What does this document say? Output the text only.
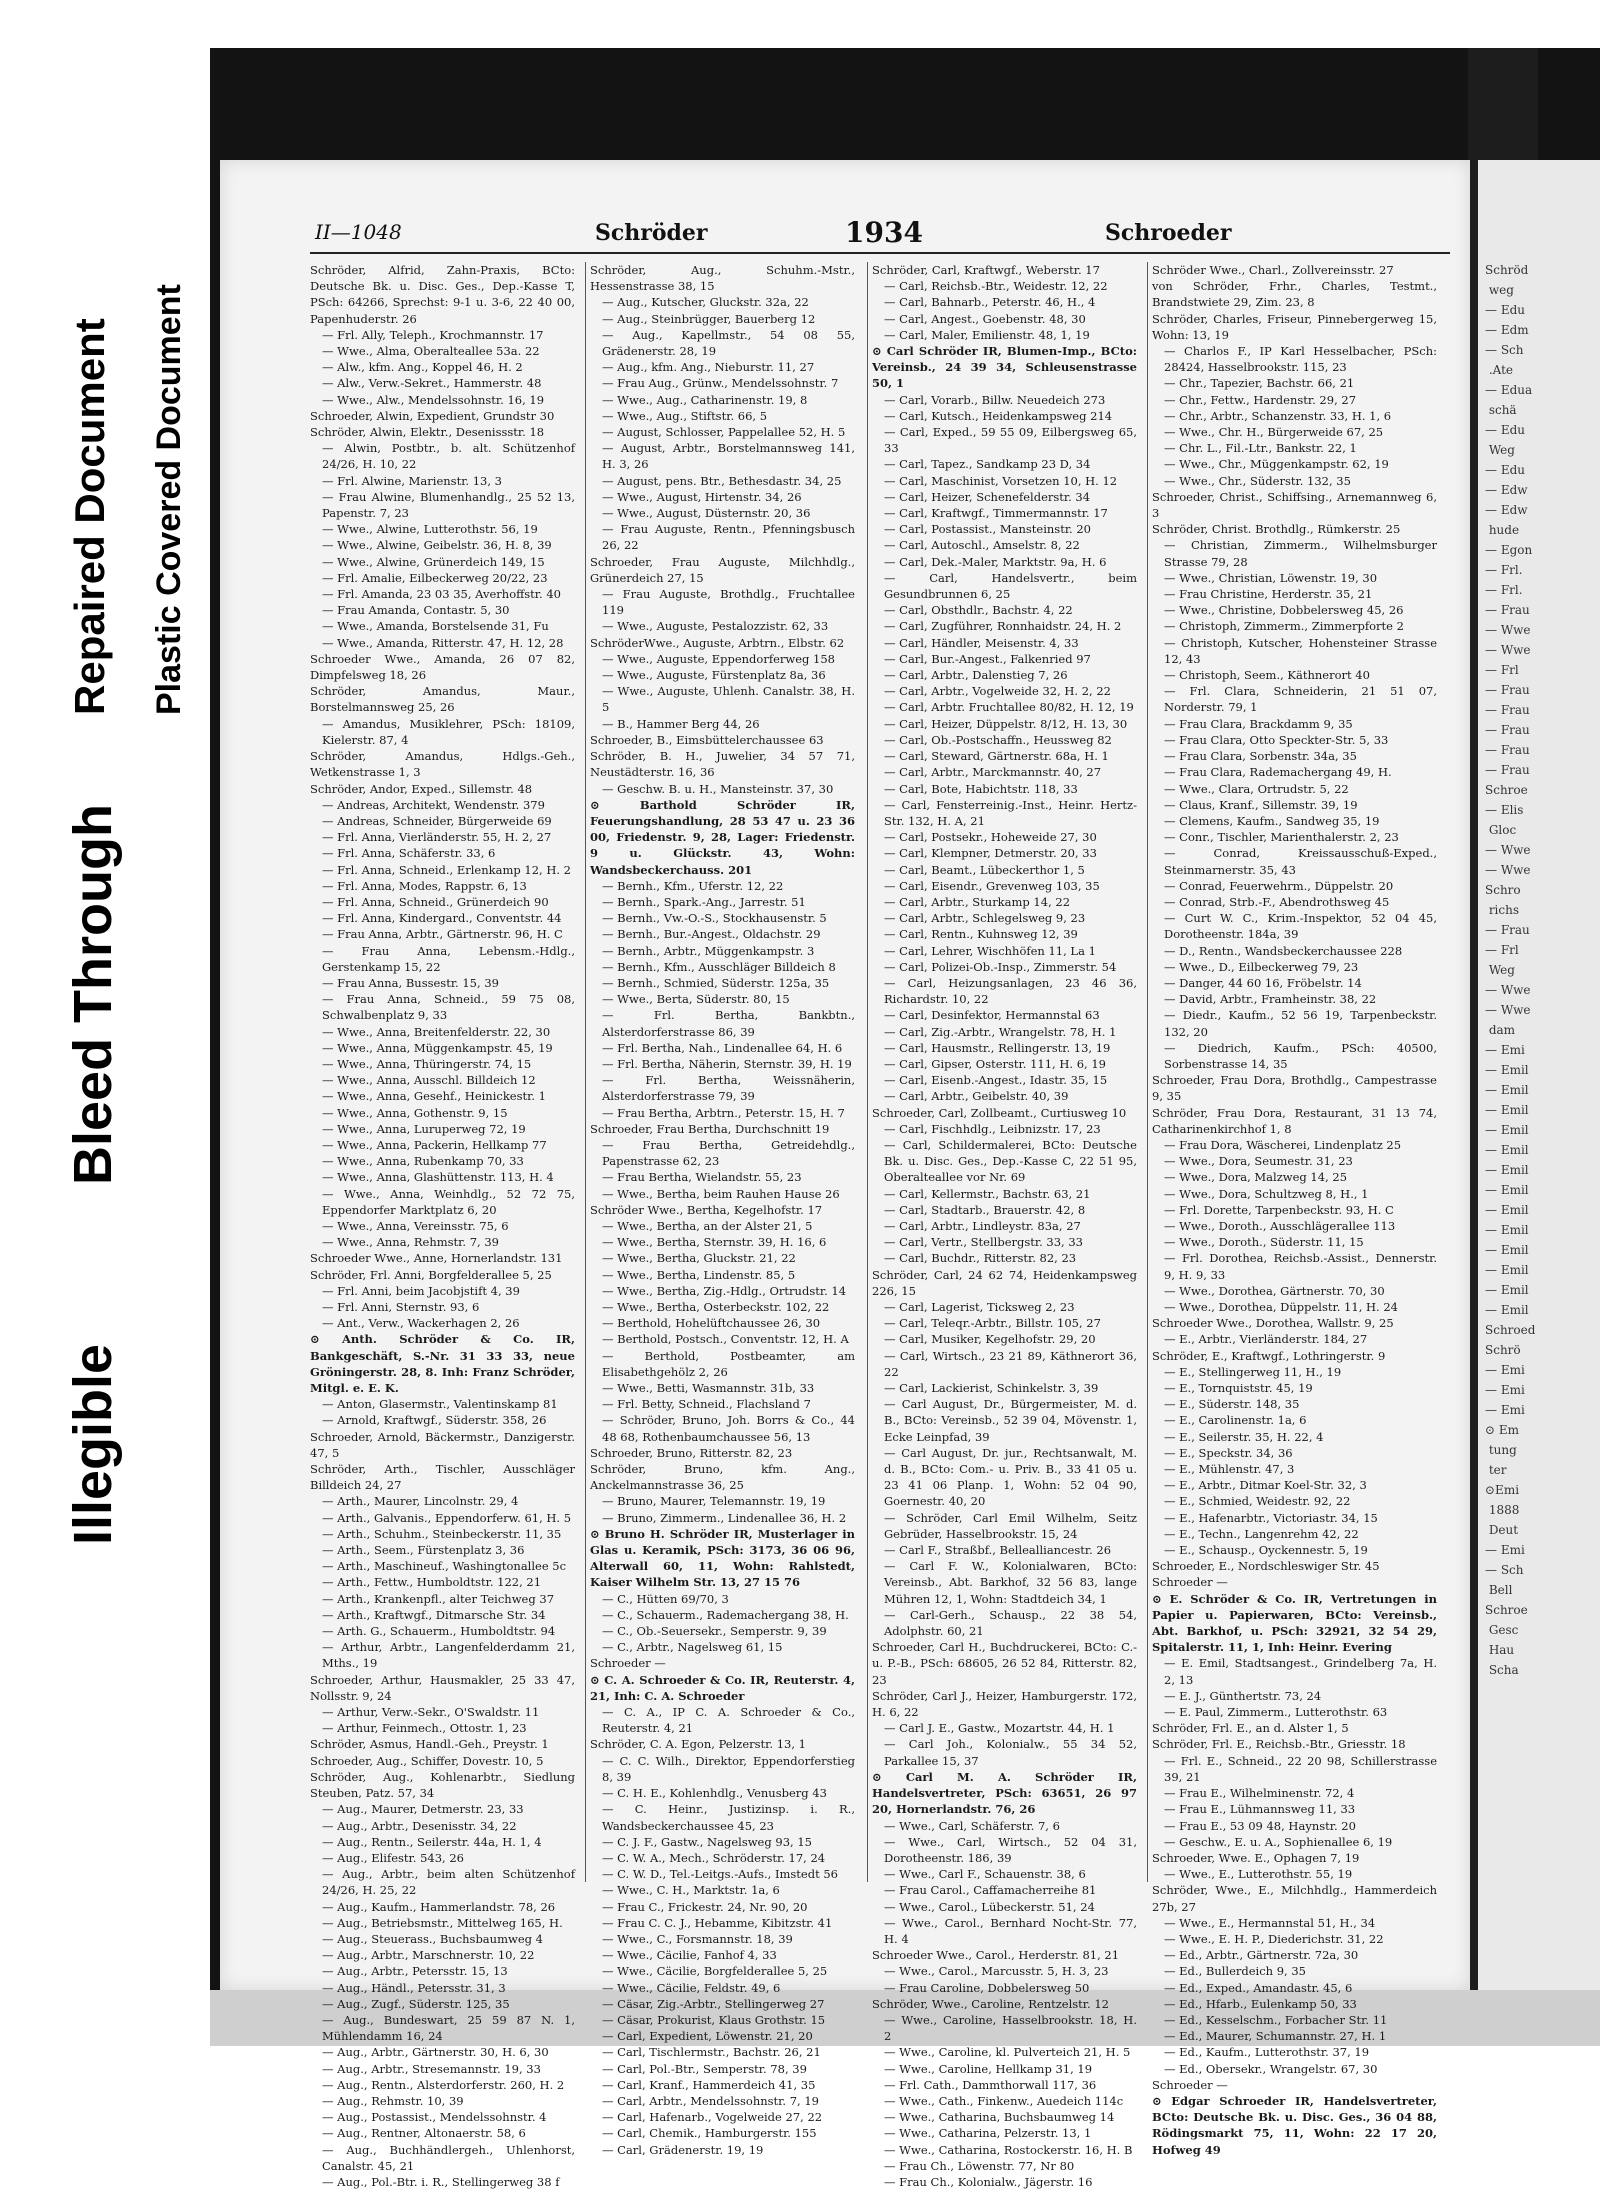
Illegible
Bleed Through
Repaired Document Plastic Covered Document
Schröd
weg
— Edu
— Edm
— Sch
.Ate
— Edua
schä
— Edu
Weg
— Edu
— Edw
— Edw
hude
— Egon
— Frl.
— Frl.
— Frau
— Wwe
— Wwe
— Frl
— Frau
— Frau
— Frau
— Frau
— Frau
Schroe
— Elis
Gloc
— Wwe
— Wwe
Schro
richs
— Frau
— Frl
Weg
— Wwe
— Wwe
dam
— Emi
— Emil
— Emil
— Emil
— Emil
— Emil
— Emil
— Emil
— Emil
— Emil
— Emil
— Emil
— Emil
— Emil
Schroed
Schrö
— Emi
— Emi
— Emi
⊙ Em
tung
ter
⊙Emi
1888
Deut
— Emi
— Sch
Bell
Schroe
Gesc
Hau
Scha
II—1048	Schröder	1934	Schroeder

Schröder, Alfrid, Zahn-Praxis, BCto: Deutsche Bk. u. Disc. Ges., Dep.-Kasse T, PSch: 64266, Sprechst: 9-1 u. 3-6, 22 40 00, Papenhuderstr. 26

— Frl. Ally, Teleph., Krochmannstr. 17

— Wwe., Alma, Oberalteallee 53a. 22

— Alw., kfm. Ang., Koppel 46, H. 2

— Alw., Verw.-Sekret., Hammerstr. 48

— Wwe., Alw., Mendelssohnstr. 16, 19

Schroeder, Alwin, Expedient, Grundstr 30

Schröder, Alwin, Elektr., Desenissstr. 18

— Alwin, Postbtr., b. alt. Schützenhof 24/26, H. 10, 22

— Frl. Alwine, Marienstr. 13, 3

— Frau Alwine, Blumenhandlg., 25 52 13, Papenstr. 7, 23

— Wwe., Alwine, Lutterothstr. 56, 19

— Wwe., Alwine, Geibelstr. 36, H. 8, 39

— Wwe., Alwine, Grünerdeich 149, 15

— Frl. Amalie, Eilbeckerweg 20/22, 23

— Frl. Amanda, 23 03 35, Averhoffstr. 40

— Frau Amanda, Contastr. 5, 30

— Wwe., Amanda, Borstelsende 31, Fu

— Wwe., Amanda, Ritterstr. 47, H. 12, 28

Schroeder Wwe., Amanda, 26 07 82, Dimpfelsweg 18, 26

Schröder, Amandus, Maur., Borstelmannsweg 25, 26

— Amandus, Musiklehrer, PSch: 18109, Kielerstr. 87, 4

Schröder, Amandus, Hdlgs.-Geh., Wetkenstrasse 1, 3

Schröder, Andor, Exped., Sillemstr. 48

— Andreas, Architekt, Wendenstr. 379

— Andreas, Schneider, Bürgerweide 69

— Frl. Anna, Vierländerstr. 55, H. 2, 27

— Frl. Anna, Schäferstr. 33, 6

— Frl. Anna, Schneid., Erlenkamp 12, H. 2

— Frl. Anna, Modes, Rappstr. 6, 13

— Frl. Anna, Schneid., Grünerdeich 90

— Frl. Anna, Kindergard., Conventstr. 44

— Frau Anna, Arbtr., Gärtnerstr. 96, H. C

— Frau Anna, Lebensm.-Hdlg., Gerstenkamp 15, 22

— Frau Anna, Bussestr. 15, 39

— Frau Anna, Schneid., 59 75 08, Schwalbenplatz 9, 33

— Wwe., Anna, Breitenfelderstr. 22, 30

— Wwe., Anna, Müggenkampstr. 45, 19

— Wwe., Anna, Thüringerstr. 74, 15

— Wwe., Anna, Ausschl. Billdeich 12

— Wwe., Anna, Gesehf., Heinickestr. 1

— Wwe., Anna, Gothenstr. 9, 15

— Wwe., Anna, Luruperweg 72, 19

— Wwe., Anna, Packerin, Hellkamp 77

— Wwe., Anna, Rubenkamp 70, 33

— Wwe., Anna, Glashüttenstr. 113, H. 4

— Wwe., Anna, Weinhdlg., 52 72 75, Eppendorfer Marktplatz 6, 20

— Wwe., Anna, Vereinsstr. 75, 6

— Wwe., Anna, Rehmstr. 7, 39

Schroeder Wwe., Anne, Hornerlandstr. 131

Schröder, Frl. Anni, Borgfelderallee 5, 25

— Frl. Anni, beim Jacobjstift 4, 39

— Frl. Anni, Sternstr. 93, 6

— Ant., Verw., Wackerhagen 2, 26

⊙ Anth. Schröder & Co. IR, Bankgeschäft, S.-Nr. 31 33 33, neue Gröningerstr. 28, 8. Inh: Franz Schröder, Mitgl. e. E. K.

— Anton, Glasermstr., Valentinskamp 81

— Arnold, Kraftwgf., Süderstr. 358, 26

Schroeder, Arnold, Bäckermstr., Danzigerstr. 47, 5

Schröder, Arth., Tischler, Ausschläger Billdeich 24, 27

— Arth., Maurer, Lincolnstr. 29, 4

— Arth., Galvanis., Eppendorferw. 61, H. 5

— Arth., Schuhm., Steinbeckerstr. 11, 35

— Arth., Seem., Fürstenplatz 3, 36

— Arth., Maschineuf., Washingtonallee 5c

— Arth., Fettw., Humboldtstr. 122, 21

— Arth., Krankenpfl., alter Teichweg 37

— Arth., Kraftwgf., Ditmarsche Str. 34

— Arth. G., Schauerm., Humboldtstr. 94

— Arthur, Arbtr., Langenfelderdamm 21, Mths., 19

Schroeder, Arthur, Hausmakler, 25 33 47, Nollsstr. 9, 24

— Arthur, Verw.-Sekr., O'Swaldstr. 11

— Arthur, Feinmech., Ottostr. 1, 23

Schröder, Asmus, Handl.-Geh., Preystr. 1

Schroeder, Aug., Schiffer, Dovestr. 10, 5

Schröder, Aug., Kohlenarbtr., Siedlung Steuben, Patz. 57, 34

— Aug., Maurer, Detmerstr. 23, 33

— Aug., Arbtr., Desenisstr. 34, 22

— Aug., Rentn., Seilerstr. 44a, H. 1, 4

— Aug., Elifestr. 543, 26

— Aug., Arbtr., beim alten Schützenhof 24/26, H. 25, 22

— Aug., Kaufm., Hammerlandstr. 78, 26

— Aug., Betriebsmstr., Mittelweg 165, H.

— Aug., Steuerass., Buchsbaumweg 4

— Aug., Arbtr., Marschnerstr. 10, 22

— Aug., Arbtr., Petersstr. 15, 13

— Aug., Händl., Petersstr. 31, 3

— Aug., Zugf., Süderstr. 125, 35

— Aug., Bundeswart, 25 59 87 N. 1, Mühlendamm 16, 24

— Aug., Arbtr., Gärtnerstr. 30, H. 6, 30

— Aug., Arbtr., Stresemannstr. 19, 33

— Aug., Rentn., Alsterdorferstr. 260, H. 2

— Aug., Rehmstr. 10, 39

— Aug., Postassist., Mendelssohnstr. 4

— Aug., Rentner, Altonaerstr. 58, 6

— Aug., Buchhändlergeh., Uhlenhorst, Canalstr. 45, 21

— Aug., Pol.-Btr. i. R., Stellingerweg 38 f

Schröder, Aug., Schuhm.-Mstr., Hessenstrasse 38, 15

— Aug., Kutscher, Gluckstr. 32a, 22

— Aug., Steinbrügger, Bauerberg 12

— Aug., Kapellmstr., 54 08 55, Grädenerstr. 28, 19

— Aug., kfm. Ang., Nieburstr. 11, 27

— Frau Aug., Grünw., Mendelssohnstr. 7

— Wwe., Aug., Catharinenstr. 19, 8

— Wwe., Aug., Stiftstr. 66, 5

— August, Schlosser, Pappelallee 52, H. 5

— August, Arbtr., Borstelmannsweg 141, H. 3, 26

— August, pens. Btr., Bethesdastr. 34, 25

— Wwe., August, Hirtenstr. 34, 26

— Wwe., August, Düsternstr. 20, 36

— Frau Auguste, Rentn., Pfenningsbusch 26, 22

Schroeder, Frau Auguste, Milchhdlg., Grünerdeich 27, 15

— Frau Auguste, Brothdlg., Fruchtallee 119

— Wwe., Auguste, Pestalozzistr. 62, 33

SchröderWwe., Auguste, Arbtrn., Elbstr. 62

— Wwe., Auguste, Eppendorferweg 158

— Wwe., Auguste, Fürstenplatz 8a, 36

— Wwe., Auguste, Uhlenh. Canalstr. 38, H. 5

— B., Hammer Berg 44, 26

Schroeder, B., Eimsbüttelerchaussee 63

Schröder, B. H., Juwelier, 34 57 71, Neustädterstr. 16, 36

— Geschw. B. u. H., Mansteinstr. 37, 30

⊙ Barthold Schröder IR, Feuerungshandlung, 28 53 47 u. 23 36 00, Friedenstr. 9, 28, Lager: Friedenstr. 9 u. Glückstr. 43, Wohn: Wandsbeckerchauss. 201

— Bernh., Kfm., Uferstr. 12, 22

— Bernh., Spark.-Ang., Jarrestr. 51

— Bernh., Vw.-O.-S., Stockhausenstr. 5

— Bernh., Bur.-Angest., Oldachstr. 29

— Bernh., Arbtr., Müggenkampstr. 3

— Bernh., Kfm., Ausschläger Billdeich 8

— Bernh., Schmied, Süderstr. 125a, 35

— Wwe., Berta, Süderstr. 80, 15

— Frl. Bertha, Bankbtn., Alsterdorferstrasse 86, 39

— Frl. Bertha, Nah., Lindenallee 64, H. 6

— Frl. Bertha, Näherin, Sternstr. 39, H. 19

— Frl. Bertha, Weissnäherin, Alsterdorferstrasse 79, 39

— Frau Bertha, Arbtrn., Peterstr. 15, H. 7

Schroeder, Frau Bertha, Durchschnitt 19

— Frau Bertha, Getreidehdlg., Papenstrasse 62, 23

— Frau Bertha, Wielandstr. 55, 23

— Wwe., Bertha, beim Rauhen Hause 26

Schröder Wwe., Bertha, Kegelhofstr. 17

— Wwe., Bertha, an der Alster 21, 5

— Wwe., Bertha, Sternstr. 39, H. 16, 6

— Wwe., Bertha, Gluckstr. 21, 22

— Wwe., Bertha, Lindenstr. 85, 5

— Wwe., Bertha, Zig.-Hdlg., Ortrudstr. 14

— Wwe., Bertha, Osterbeckstr. 102, 22

— Berthold, Hohelüftchaussee 26, 30

— Berthold, Postsch., Conventstr. 12, H. A

— Berthold, Postbeamter, am Elisabethgehölz 2, 26

— Wwe., Betti, Wasmannstr. 31b, 33

— Frl. Betty, Schneid., Flachsland 7

— Schröder, Bruno, Joh. Borrs & Co., 44 48 68, Rothenbaumchaussee 56, 13

Schroeder, Bruno, Ritterstr. 82, 23

Schröder, Bruno, kfm. Ang., Anckelmannstrasse 36, 25

— Bruno, Maurer, Telemannstr. 19, 19

— Bruno, Zimmerm., Lindenallee 36, H. 2

⊙ Bruno H. Schröder IR, Musterlager in Glas u. Keramik, PSch: 3173, 36 06 96, Alterwall 60, 11, Wohn: Rahlstedt, Kaiser Wilhelm Str. 13, 27 15 76

— C., Hütten 69/70, 3

— C., Schauerm., Rademachergang 38, H.

— C., Ob.-Seuersekr., Semperstr. 9, 39

— C., Arbtr., Nagelsweg 61, 15

Schroeder —

⊙ C. A. Schroeder & Co. IR, Reuterstr. 4, 21, Inh: C. A. Schroeder

— C. A., IP C. A. Schroeder & Co., Reuterstr. 4, 21

Schröder, C. A. Egon, Pelzerstr. 13, 1

— C. C. Wilh., Direktor, Eppendorferstieg 8, 39

— C. H. E., Kohlenhdlg., Venusberg 43

— C. Heinr., Justizinsp. i. R., Wandsbeckerchaussee 45, 23

— C. J. F., Gastw., Nagelsweg 93, 15

— C. W. A., Mech., Schröderstr. 17, 24

— C. W. D., Tel.-Leitgs.-Aufs., Imstedt 56

— Wwe., C. H., Marktstr. 1a, 6

— Frau C., Frickestr. 24, Nr. 90, 20

— Frau C. C. J., Hebamme, Kibitzstr. 41

— Wwe., C., Forsmannstr. 18, 39

— Wwe., Cäcilie, Fanhof 4, 33

— Wwe., Cäcilie, Borgfelderallee 5, 25

— Wwe., Cäcilie, Feldstr. 49, 6

— Cäsar, Zig.-Arbtr., Stellingerweg 27

— Cäsar, Prokurist, Klaus Grothstr. 15

— Carl, Expedient, Löwenstr. 21, 20

— Carl, Tischlermstr., Bachstr. 26, 21

— Carl, Pol.-Btr., Semperstr. 78, 39

— Carl, Kranf., Hammerdeich 41, 35

— Carl, Arbtr., Mendelssohnstr. 7, 19

— Carl, Hafenarb., Vogelweide 27, 22

— Carl, Chemik., Hamburgerstr. 155

— Carl, Grädenerstr. 19, 19

Schröder, Carl, Kraftwgf., Weberstr. 17

— Carl, Reichsb.-Btr., Weidestr. 12, 22

— Carl, Bahnarb., Peterstr. 46, H., 4

— Carl, Angest., Goebenstr. 48, 30

— Carl, Maler, Emilienstr. 48, 1, 19

⊙ Carl Schröder IR, Blumen-Imp., BCto: Vereinsb., 24 39 34, Schleusenstrasse 50, 1

— Carl, Vorarb., Billw. Neuedeich 273

— Carl, Kutsch., Heidenkampsweg 214

— Carl, Exped., 59 55 09, Eilbergsweg 65, 33

— Carl, Tapez., Sandkamp 23 D, 34

— Carl, Maschinist, Vorsetzen 10, H. 12

— Carl, Heizer, Schenefelderstr. 34

— Carl, Kraftwgf., Timmermannstr. 17

— Carl, Postassist., Mansteinstr. 20

— Carl, Autoschl., Amselstr. 8, 22

— Carl, Dek.-Maler, Marktstr. 9a, H. 6

— Carl, Handelsvertr., beim Gesundbrunnen 6, 25

— Carl, Obsthdlr., Bachstr. 4, 22

— Carl, Zugführer, Ronnhaidstr. 24, H. 2

— Carl, Händler, Meisenstr. 4, 33

— Carl, Bur.-Angest., Falkenried 97

— Carl, Arbtr., Dalenstieg 7, 26

— Carl, Arbtr., Vogelweide 32, H. 2, 22

— Carl, Arbtr. Fruchtallee 80/82, H. 12, 19

— Carl, Heizer, Düppelstr. 8/12, H. 13, 30

— Carl, Ob.-Postschaffn., Heussweg 82

— Carl, Steward, Gärtnerstr. 68a, H. 1

— Carl, Arbtr., Marckmannstr. 40, 27

— Carl, Bote, Habichtstr. 118, 33

— Carl, Fensterreinig.-Inst., Heinr. Hertz-Str. 132, H. A, 21

— Carl, Postsekr., Hoheweide 27, 30

— Carl, Klempner, Detmerstr. 20, 33

— Carl, Beamt., Lübeckerthor 1, 5

— Carl, Eisendr., Grevenweg 103, 35

— Carl, Arbtr., Sturkamp 14, 22

— Carl, Arbtr., Schlegelsweg 9, 23

— Carl, Rentn., Kuhnsweg 12, 39

— Carl, Lehrer, Wischhöfen 11, La 1

— Carl, Polizei-Ob.-Insp., Zimmerstr. 54

— Carl, Heizungsanlagen, 23 46 36, Richardstr. 10, 22

— Carl, Desinfektor, Hermannstal 63

— Carl, Zig.-Arbtr., Wrangelstr. 78, H. 1

— Carl, Hausmstr., Rellingerstr. 13, 19

— Carl, Gipser, Osterstr. 111, H. 6, 19

— Carl, Eisenb.-Angest., Idastr. 35, 15

— Carl, Arbtr., Geibelstr. 40, 39

Schroeder, Carl, Zollbeamt., Curtiusweg 10

— Carl, Fischhdlg., Leibnizstr. 17, 23

— Carl, Schildermalerei, BCto: Deutsche Bk. u. Disc. Ges., Dep.-Kasse C, 22 51 95, Oberalteallee vor Nr. 69

— Carl, Kellermstr., Bachstr. 63, 21

— Carl, Stadtarb., Brauerstr. 42, 8

— Carl, Arbtr., Lindleystr. 83a, 27

— Carl, Vertr., Stellbergstr. 33, 33

— Carl, Buchdr., Ritterstr. 82, 23

Schröder, Carl, 24 62 74, Heidenkampsweg 226, 15

— Carl, Lagerist, Ticksweg 2, 23

— Carl, Teleqr.-Arbtr., Billstr. 105, 27

— Carl, Musiker, Kegelhofstr. 29, 20

— Carl, Wirtsch., 23 21 89, Käthnerort 36, 22

— Carl, Lackierist, Schinkelstr. 3, 39

— Carl August, Dr., Bürgermeister, M. d. B., BCto: Vereinsb., 52 39 04, Mövenstr. 1, Ecke Leinpfad, 39

— Carl August, Dr. jur., Rechtsanwalt, M. d. B., BCto: Com.- u. Priv. B., 33 41 05 u. 23 41 06 Planp. 1, Wohn: 52 04 90, Goernestr. 40, 20

— Schröder, Carl Emil Wilhelm, Seitz Gebrüder, Hasselbrookstr. 15, 24

— Carl F., Straßbf., Bellealliancestr. 26

— Carl F. W., Kolonialwaren, BCto: Vereinsb., Abt. Barkhof, 32 56 83, lange Mühren 12, 1, Wohn: Stadtdeich 34, 1

— Carl-Gerh., Schausp., 22 38 54, Adolphstr. 60, 21

Schroeder, Carl H., Buchdruckerei, BCto: C.-u. P.-B., PSch: 68605, 26 52 84, Ritterstr. 82, 23

Schröder, Carl J., Heizer, Hamburgerstr. 172, H. 6, 22

— Carl J. E., Gastw., Mozartstr. 44, H. 1

— Carl Joh., Kolonialw., 55 34 52, Parkallee 15, 37

⊙ Carl M. A. Schröder IR, Handelsvertreter, PSch: 63651, 26 97 20, Hornerlandstr. 76, 26

— Wwe., Carl, Schäferstr. 7, 6

— Wwe., Carl, Wirtsch., 52 04 31, Dorotheenstr. 186, 39

— Wwe., Carl F., Schauenstr. 38, 6

— Frau Carol., Caffamacherreihe 81

— Wwe., Carol., Lübeckerstr. 51, 24

— Wwe., Carol., Bernhard Nocht-Str. 77, H. 4

Schroeder Wwe., Carol., Herderstr. 81, 21

— Wwe., Carol., Marcusstr. 5, H. 3, 23

— Frau Caroline, Dobbelersweg 50

Schröder, Wwe., Caroline, Rentzelstr. 12

— Wwe., Caroline, Hasselbrookstr. 18, H. 2

— Wwe., Caroline, kl. Pulverteich 21, H. 5

— Wwe., Caroline, Hellkamp 31, 19

— Frl. Cath., Dammthorwall 117, 36

— Wwe., Cath., Finkenw., Auedeich 114c

— Wwe., Catharina, Buchsbaumweg 14

— Wwe., Catharina, Pelzerstr. 13, 1

— Wwe., Catharina, Rostockerstr. 16, H. B

— Frau Ch., Löwenstr. 77, Nr 80

— Frau Ch., Kolonialw., Jägerstr. 16

Schröder Wwe., Charl., Zollvereinsstr. 27

von Schröder, Frhr., Charles, Testmt., Brandstwiete 29, Zim. 23, 8

Schröder, Charles, Friseur, Pinnebergerweg 15, Wohn: 13, 19

— Charlos F., IP Karl Hesselbacher, PSch: 28424, Hasselbrookstr. 115, 23

— Chr., Tapezier, Bachstr. 66, 21

— Chr., Fettw., Hardenstr. 29, 27

— Chr., Arbtr., Schanzenstr. 33, H. 1, 6

— Wwe., Chr. H., Bürgerweide 67, 25

— Chr. L., Fil.-Ltr., Bankstr. 22, 1

— Wwe., Chr., Müggenkampstr. 62, 19

— Wwe., Chr., Süderstr. 132, 35

Schroeder, Christ., Schiffsing., Arnemannweg 6, 3

Schröder, Christ. Brothdlg., Rümkerstr. 25

— Christian, Zimmerm., Wilhelmsburger Strasse 79, 28

— Wwe., Christian, Löwenstr. 19, 30

— Frau Christine, Herderstr. 35, 21

— Wwe., Christine, Dobbelersweg 45, 26

— Christoph, Zimmerm., Zimmerpforte 2

— Christoph, Kutscher, Hohensteiner Strasse 12, 43

— Christoph, Seem., Käthnerort 40

— Frl. Clara, Schneiderin, 21 51 07, Norderstr. 79, 1

— Frau Clara, Brackdamm 9, 35

— Frau Clara, Otto Speckter-Str. 5, 33

— Frau Clara, Sorbenstr. 34a, 35

— Frau Clara, Rademachergang 49, H.

— Wwe., Clara, Ortrudstr. 5, 22

— Claus, Kranf., Sillemstr. 39, 19

— Clemens, Kaufm., Sandweg 35, 19

— Conr., Tischler, Marienthalerstr. 2, 23

— Conrad, Kreissausschuß-Exped., Steinmarnerstr. 35, 43

— Conrad, Feuerwehrm., Düppelstr. 20

— Conrad, Strb.-F., Abendrothsweg 45

— Curt W. C., Krim.-Inspektor, 52 04 45, Dorotheenstr. 184a, 39

— D., Rentn., Wandsbeckerchaussee 228

— Wwe., D., Eilbeckerweg 79, 23

— Danger, 44 60 16, Fröbelstr. 14

— David, Arbtr., Framheinstr. 38, 22

— Diedr., Kaufm., 52 56 19, Tarpenbeckstr. 132, 20

— Diedrich, Kaufm., PSch: 40500, Sorbenstrasse 14, 35

Schroeder, Frau Dora, Brothdlg., Campestrasse 9, 35

Schröder, Frau Dora, Restaurant, 31 13 74, Catharinenkirchhof 1, 8

— Frau Dora, Wäscherei, Lindenplatz 25

— Wwe., Dora, Seumestr. 31, 23

— Wwe., Dora, Malzweg 14, 25

— Wwe., Dora, Schultzweg 8, H., 1

— Frl. Dorette, Tarpenbeckstr. 93, H. C

— Wwe., Doroth., Ausschlägerallee 113

— Wwe., Doroth., Süderstr. 11, 15

— Frl. Dorothea, Reichsb.-Assist., Dennerstr. 9, H. 9, 33

— Wwe., Dorothea, Gärtnerstr. 70, 30

— Wwe., Dorothea, Düppelstr. 11, H. 24

Schroeder Wwe., Dorothea, Wallstr. 9, 25

— E., Arbtr., Vierländerstr. 184, 27

Schröder, E., Kraftwgf., Lothringerstr. 9

— E., Stellingerweg 11, H., 19

— E., Tornquiststr. 45, 19

— E., Süderstr. 148, 35

— E., Carolinenstr. 1a, 6

— E., Seilerstr. 35, H. 22, 4

— E., Speckstr. 34, 36

— E., Mühlenstr. 47, 3

— E., Arbtr., Ditmar Koel-Str. 32, 3

— E., Schmied, Weidestr. 92, 22

— E., Hafenarbtr., Victoriastr. 34, 15

— E., Techn., Langenrehm 42, 22

— E., Schausp., Oyckennestr. 5, 19

Schroeder, E., Nordschleswiger Str. 45

Schroeder —

⊙ E. Schröder & Co. IR, Vertretungen in Papier u. Papierwaren, BCto: Vereinsb., Abt. Barkhof, u. PSch: 32921, 32 54 29, Spitalerstr. 11, 1, Inh: Heinr. Evering

— E. Emil, Stadtsangest., Grindelberg 7a, H. 2, 13

— E. J., Günthertstr. 73, 24

— E. Paul, Zimmerm., Lutterothstr. 63

Schröder, Frl. E., an d. Alster 1, 5

Schröder, Frl. E., Reichsb.-Btr., Griesstr. 18

— Frl. E., Schneid., 22 20 98, Schillerstrasse 39, 21

— Frau E., Wilhelminenstr. 72, 4

— Frau E., Lühmannsweg 11, 33

— Frau E., 53 09 48, Haynstr. 20

— Geschw., E. u. A., Sophienallee 6, 19

Schroeder, Wwe. E., Ophagen 7, 19

— Wwe., E., Lutterothstr. 55, 19

Schröder, Wwe., E., Milchhdlg., Hammerdeich 27b, 27

— Wwe., E., Hermannstal 51, H., 34

— Wwe., E. H. P., Diederichstr. 31, 22

— Ed., Arbtr., Gärtnerstr. 72a, 30

— Ed., Bullerdeich 9, 35

— Ed., Exped., Amandastr. 45, 6

— Ed., Hfarb., Eulenkamp 50, 33

— Ed., Kesselschm., Forbacher Str. 11

— Ed., Maurer, Schumannstr. 27, H. 1

— Ed., Kaufm., Lutterothstr. 37, 19

— Ed., Obersekr., Wrangelstr. 67, 30

Schroeder —

⊙ Edgar Schroeder IR, Handelsvertreter, BCto: Deutsche Bk. u. Disc. Ges., 36 04 88, Rödingsmarkt 75, 11, Wohn: 22 17 20, Hofweg 49
